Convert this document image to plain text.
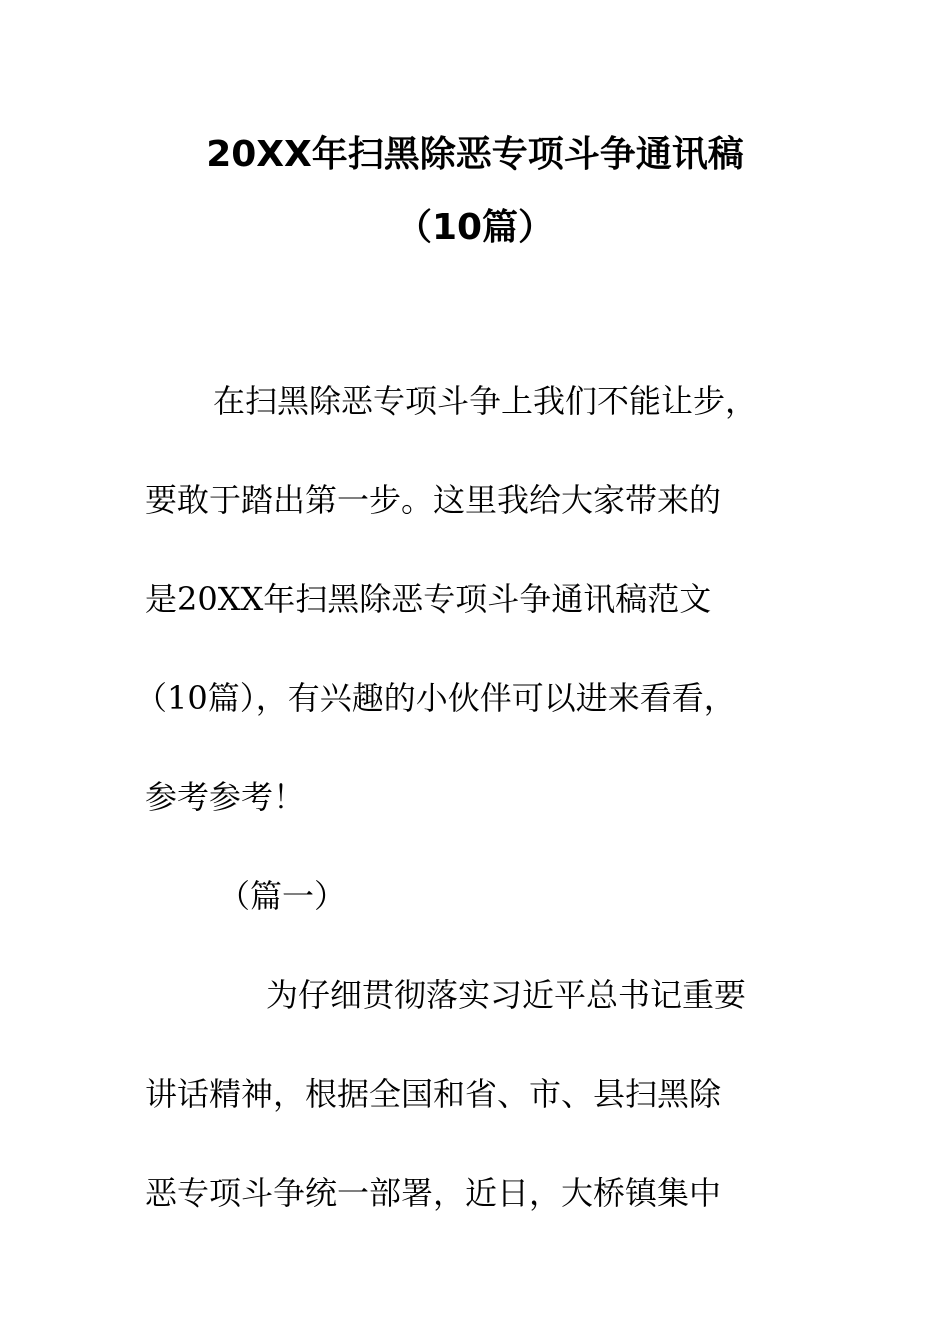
20XX年扫黑除恶专项斗争通讯稿
（10篇）
在扫黑除恶专项斗争上我们不能让步，
要敢于踏出第一步。这里我给大家带来的
是20XX年扫黑除恶专项斗争通讯稿范文
（10篇），有兴趣的小伙伴可以进来看看，
参考参考！
（篇一）
为仔细贯彻落实习近平总书记重要
讲话精神，根据全国和省、市、县扫黑除
恶专项斗争统一部署，近日，大桥镇集中
